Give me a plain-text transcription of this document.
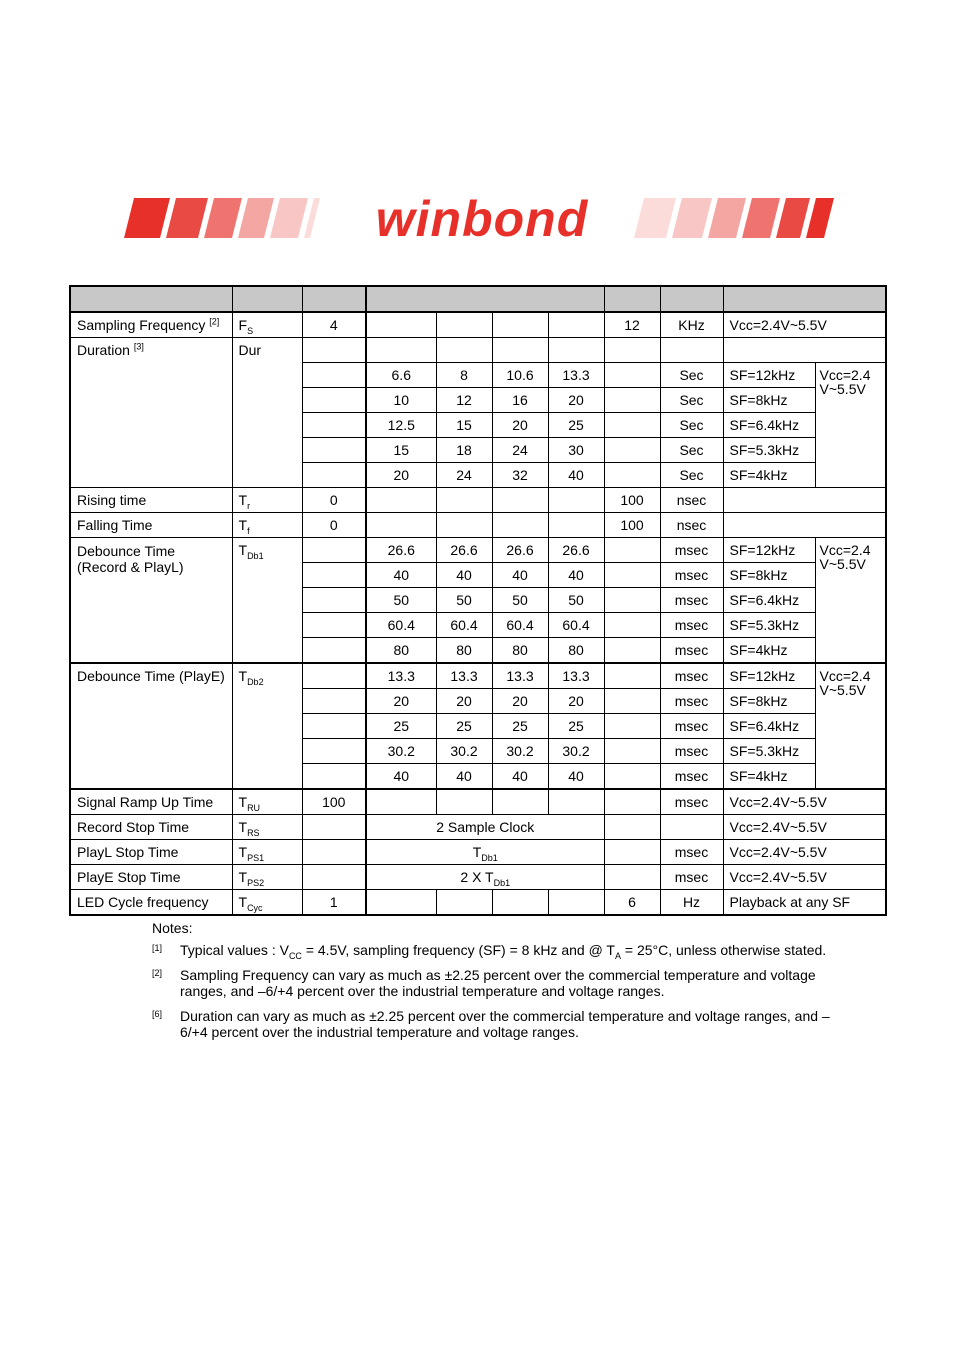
winbond

Sampling Frequency [2]	$F_S$	4					12	KHz	Vcc=2.4V~5.5V	
Duration [3]	Dur									
			6.6	8	10.6	13.3		Sec	SF=12kHz	Vcc=2.4
V~5.5V
			10	12	16	20		Sec	SF=8kHz	
			12.5	15	20	25		Sec	SF=6.4kHz	
			15	18	24	30		Sec	SF=5.3kHz	
			20	24	32	40		Sec	SF=4kHz	
Rising time	$T_r$	0					100	nsec		
Falling Time	$T_f$	0					100	nsec		
Debounce Time
(Record & PlayL)	$T_{Db1}$		26.6	26.6	26.6	26.6		msec	SF=12kHz	Vcc=2.4
V~5.5V
			40	40	40	40		msec	SF=8kHz	
			50	50	50	50		msec	SF=6.4kHz	
			60.4	60.4	60.4	60.4		msec	SF=5.3kHz	
			80	80	80	80		msec	SF=4kHz	
Debounce Time (PlayE)	$T_{Db2}$		13.3	13.3	13.3	13.3		msec	SF=12kHz	Vcc=2.4
V~5.5V
			20	20	20	20		msec	SF=8kHz	
			25	25	25	25		msec	SF=6.4kHz	
			30.2	30.2	30.2	30.2		msec	SF=5.3kHz	
			40	40	40	40		msec	SF=4kHz	
Signal Ramp Up Time	$T_{RU}$	100						msec	Vcc=2.4V~5.5V	
Record Stop Time	$T_{RS}$		2 Sample Clock						Vcc=2.4V~5.5V	
PlayL Stop Time	$T_{PS1}$		$T_{Db1}$					msec	Vcc=2.4V~5.5V	
PlayE Stop Time	$T_{PS2}$		2 X $T_{Db1}$					msec	Vcc=2.4V~5.5V	
LED Cycle frequency	$T_{Cyc}$	1					6	Hz	Playback at any SF	
Notes:
[1]	Typical values : $V_{CC} = 4.5V$, sampling frequency (SF) = 8 kHz and @ $T_A = 25^\circ C$, unless otherwise stated.
[2]	Sampling Frequency can vary as much as ±2.25 percent over the commercial temperature and voltage ranges, and –6/+4 percent over the industrial temperature and voltage ranges.
[6]	Duration can vary as much as ±2.25 percent over the commercial temperature and voltage ranges, and –6/+4 percent over the industrial temperature and voltage ranges.
